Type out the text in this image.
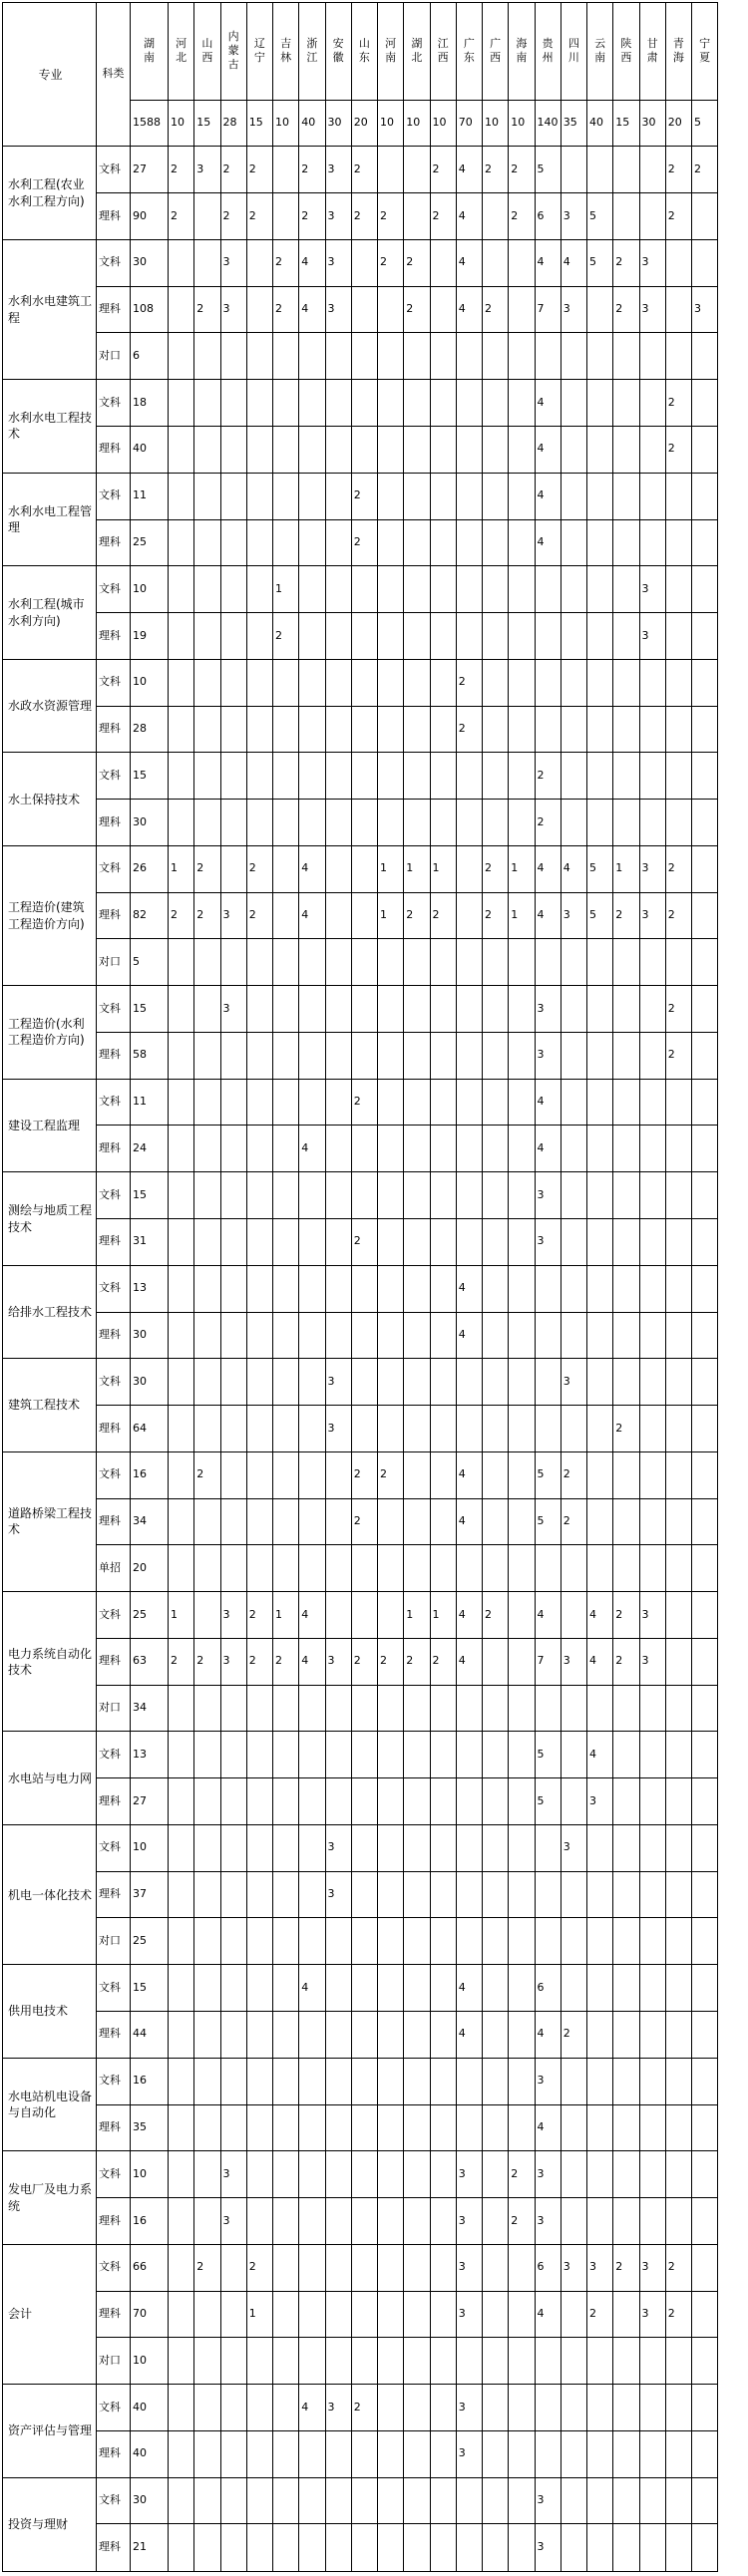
专业	科类	湖南	河北	山西	内蒙古	辽宁	吉林	浙江	安徽	山东	河南	湖北	江西	广东	广西	海南	贵州	四川	云南	陕西	甘肃	青海	宁夏
		1588	10	15	28	15	10	40	30	20	10	10	10	70	10	10	140	35	40	15	30	20	5
水利工程(农业水利工程方向)	文科	27	2	3	2	2		2	3	2			2	4	2	2	5					2	2
	理科	90	2		2	2		2	3	2	2		2	4		2	6	3	5			2	
水利水电建筑工程	文科	30			3		2	4	3		2	2		4			4	4	5	2	3		
	理科	108		2	3		2	4	3			2		4	2		7	3		2	3		3
	对口	6																					
水利水电工程技术	文科	18															4					2	
	理科	40															4					2	
水利水电工程管理	文科	11								2							4						
	理科	25								2							4						
水利工程(城市水利方向)	文科	10					1														3		
	理科	19					2														3		
水政水资源管理	文科	10												2									
	理科	28												2									
水土保持技术	文科	15															2						
	理科	30															2						
工程造价(建筑工程造价方向)	文科	26	1	2		2		4			1	1	1		2	1	4	4	5	1	3	2	
	理科	82	2	2	3	2		4			1	2	2		2	1	4	3	5	2	3	2	
	对口	5																					
工程造价(水利工程造价方向)	文科	15			3												3					2	
	理科	58															3					2	
建设工程监理	文科	11								2							4						
	理科	24						4									4						
测绘与地质工程技术	文科	15															3						
	理科	31								2							3						
给排水工程技术	文科	13												4									
	理科	30												4									
建筑工程技术	文科	30							3									3					
	理科	64							3											2			
道路桥梁工程技术	文科	16		2						2	2			4			5	2					
	理科	34								2				4			5	2					
	单招	20																					
电力系统自动化技术	文科	25	1		3	2	1	4				1	1	4	2		4		4	2	3		
	理科	63	2	2	3	2	2	4	3	2	2	2	2	4			7	3	4	2	3		
	对口	34																					
水电站与电力网	文科	13															5		4				
	理科	27															5		3				
机电一体化技术	文科	10							3									3					
	理科	37							3														
	对口	25																					
供用电技术	文科	15						4						4			6						
	理科	44												4			4	2					
水电站机电设备与自动化	文科	16															3						
	理科	35															4						
发电厂及电力系统	文科	10			3									3		2	3						
	理科	16			3									3		2	3						
会计	文科	66		2		2								3			6	3	3	2	3	2	
	理科	70				1								3			4		2		3	2	
	对口	10																					
资产评估与管理	文科	40						4	3	2				3									
	理科	40												3									
投资与理财	文科	30															3						
	理科	21															3						
